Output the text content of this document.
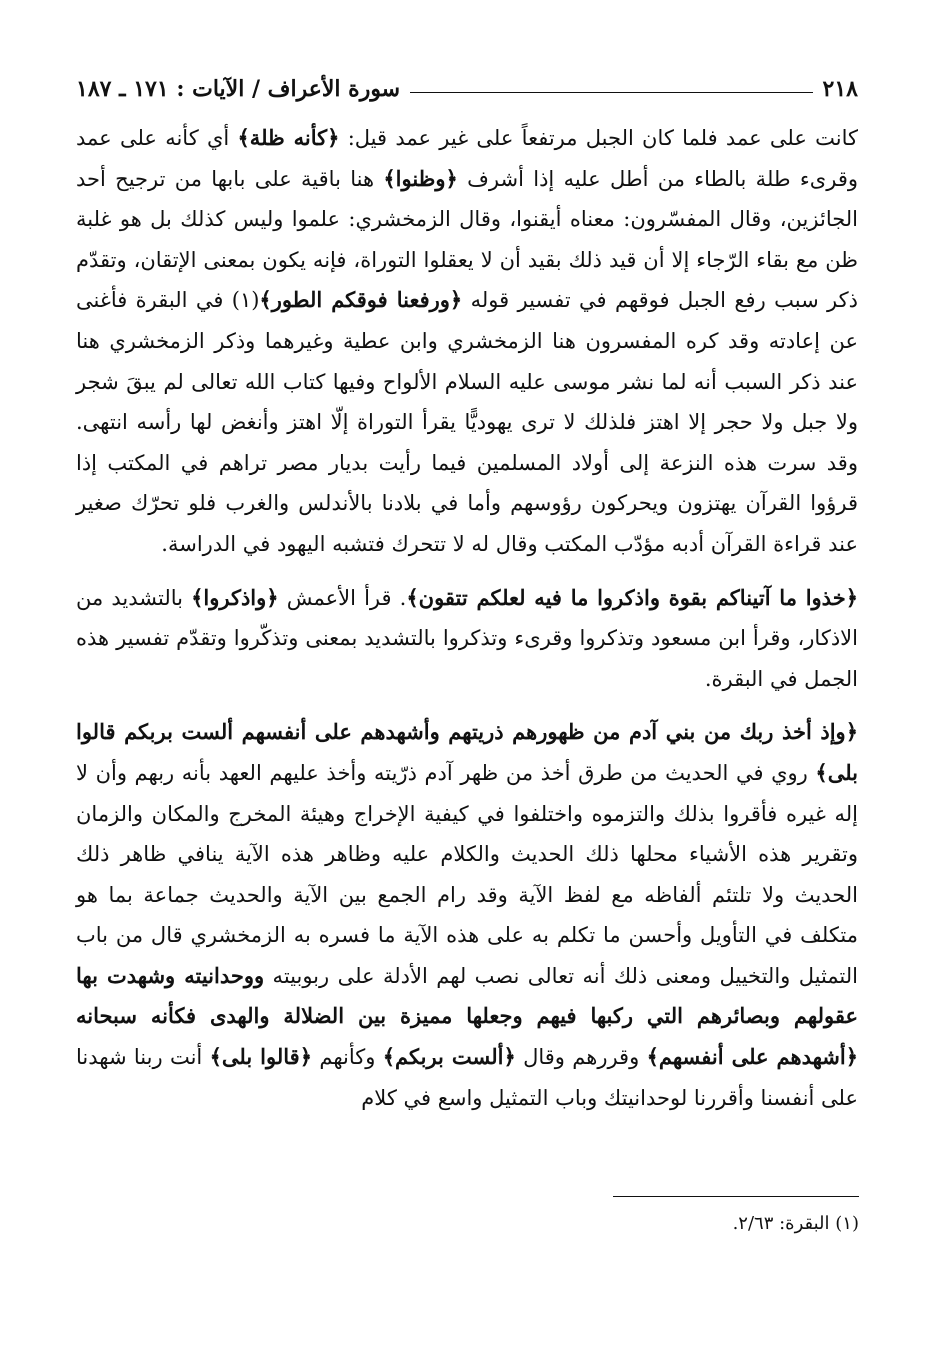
٢١٨
سورة الأعراف / الآيات : ١٧١ ـ ١٨٧

كانت على عمد فلما كان الجبل مرتفعاً على غير عمد قيل: ﴿كأنه ظلة﴾ أي كأنه على عمد وقرىء طلة بالطاء من أطل عليه إذا أشرف ﴿وظنوا﴾ هنا باقية على بابها من ترجيح أحد الجائزين، وقال المفسّرون: معناه أيقنوا، وقال الزمخشري: علموا وليس كذلك بل هو غلبة ظن مع بقاء الرّجاء إلا أن قيد ذلك بقيد أن لا يعقلوا التوراة، فإنه يكون بمعنى الإتقان، وتقدّم ذكر سبب رفع الجبل فوقهم في تفسير قوله ﴿ورفعنا فوقكم الطور﴾(١) في البقرة فأغنى عن إعادته وقد كره المفسرون هنا الزمخشري وابن عطية وغيرهما وذكر الزمخشري هنا عند ذكر السبب أنه لما نشر موسى عليه السلام الألواح وفيها كتاب الله تعالى لم يبقَ شجر ولا جبل ولا حجر إلا اهتز فلذلك لا ترى يهوديًّا يقرأ التوراة إلّا اهتز وأنغض لها رأسه انتهى. وقد سرت هذه النزعة إلى أولاد المسلمين فيما رأيت بديار مصر تراهم في المكتب إذا قرؤوا القرآن يهتزون ويحركون رؤوسهم وأما في بلادنا بالأندلس والغرب فلو تحرّك صغير عند قراءة القرآن أدبه مؤدّب المكتب وقال له لا تتحرك فتشبه اليهود في الدراسة.

﴿خذوا ما آتيناكم بقوة واذكروا ما فيه لعلكم تتقون﴾. قرأ الأعمش ﴿واذكروا﴾ بالتشديد من الاذكار، وقرأ ابن مسعود وتذكروا وقرىء وتذكروا بالتشديد بمعنى وتذكّروا وتقدّم تفسير هذه الجمل في البقرة.

﴿وإذ أخذ ربك من بني آدم من ظهورهم ذريتهم وأشهدهم على أنفسهم ألست بربكم قالوا بلى﴾ روي في الحديث من طرق أخذ من ظهر آدم ذرّيته وأخذ عليهم العهد بأنه ربهم وأن لا إله غيره فأقروا بذلك والتزموه واختلفوا في كيفية الإخراج وهيئة المخرج والمكان والزمان وتقرير هذه الأشياء محلها ذلك الحديث والكلام عليه وظاهر هذه الآية ينافي ظاهر ذلك الحديث ولا تلتئم ألفاظه مع لفظ الآية وقد رام الجمع بين الآية والحديث جماعة بما هو متكلف في التأويل وأحسن ما تكلم به على هذه الآية ما فسره به الزمخشري قال من باب التمثيل والتخييل ومعنى ذلك أنه تعالى نصب لهم الأدلة على ربوبيته ووحدانيته وشهدت بها عقولهم وبصائرهم التي ركبها فيهم وجعلها مميزة بين الضلالة والهدى فكأنه سبحانه ﴿أشهدهم على أنفسهم﴾ وقررهم وقال ﴿ألست بربكم﴾ وكأنهم ﴿قالوا بلى﴾ أنت ربنا شهدنا على أنفسنا وأقررنا لوحدانيتك وباب التمثيل واسع في كلام

(١) البقرة: ٢/٦٣.
